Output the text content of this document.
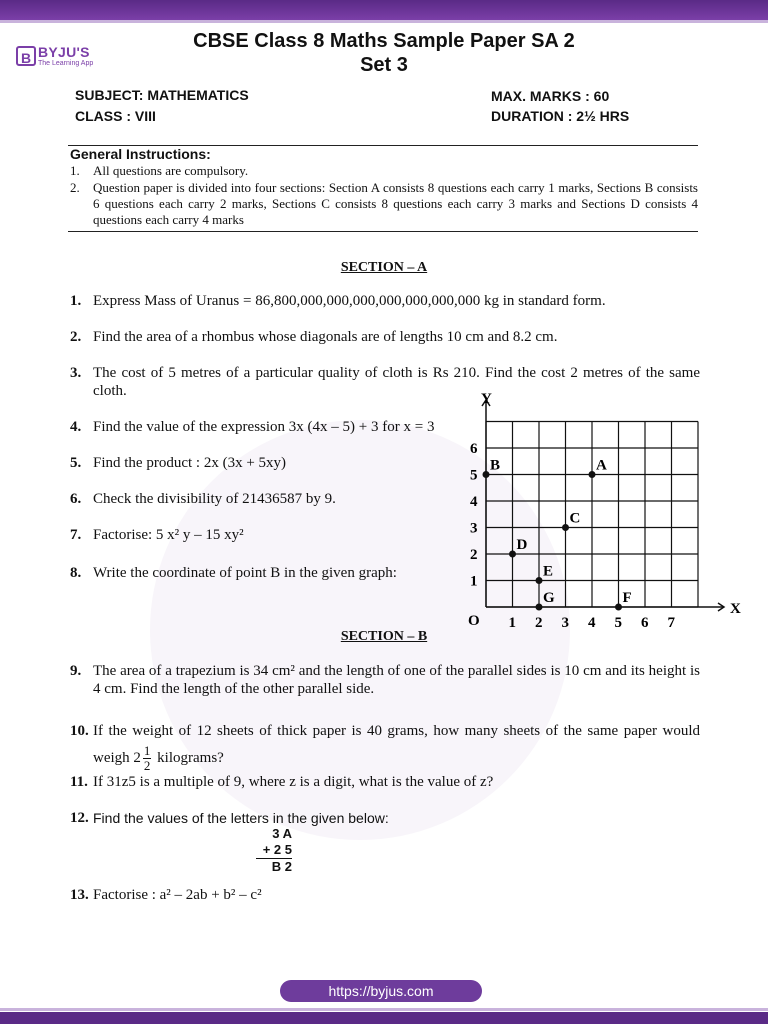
B BYJU'S
The Learning App
CBSE Class 8 Maths Sample Paper SA 2
Set 3
SUBJECT: MATHEMATICS
CLASS : VIII
MAX. MARKS : 60
DURATION : 2½ HRS
General Instructions:
1. All questions are compulsory.
2. Question paper is divided into four sections: Section A consists 8 questions each carry 1 marks, Sections B consists 6 questions each carry 2 marks, Sections C consists 8 questions each carry 3 marks and Sections D consists 4 questions each carry 4 marks
SECTION – A
1. Express Mass of Uranus = 86,800,000,000,000,000,000,000,000 kg in standard form.
2. Find the area of a rhombus whose diagonals are of lengths 10 cm and 8.2 cm.
3. The cost of 5 metres of a particular quality of cloth is Rs 210. Find the cost 2 metres of the same cloth.
4. Find the value of the expression 3x (4x – 5) + 3 for x = 3
5. Find the product : 2x (3x + 5xy)
6. Check the divisibility of 21436587 by 9.
7. Factorise: 5 x² y – 15 xy²
8. Write the coordinate of point B in the given graph:
X
Y
O 1 2 3 4 5 6 7
1
2
3
4
5
6
A
B
C
D
E
G	F
SECTION – B
9. The area of a trapezium is 34 cm² and the length of one of the parallel sides is 10 cm and its height is 4 cm. Find the length of the other parallel side.
10. If the weight of 12 sheets of thick paper is 40 grams, how many sheets of the same paper would weigh $2 \frac{1}{2}$ kilograms?
11. If 31z5 is a multiple of 9, where z is a digit, what is the value of z?
12. Find the values of the letters in the given below:
3 A
+ 2 5
B 2
13. Factorise : a² – 2ab + b² – c²
https://byjus.com
